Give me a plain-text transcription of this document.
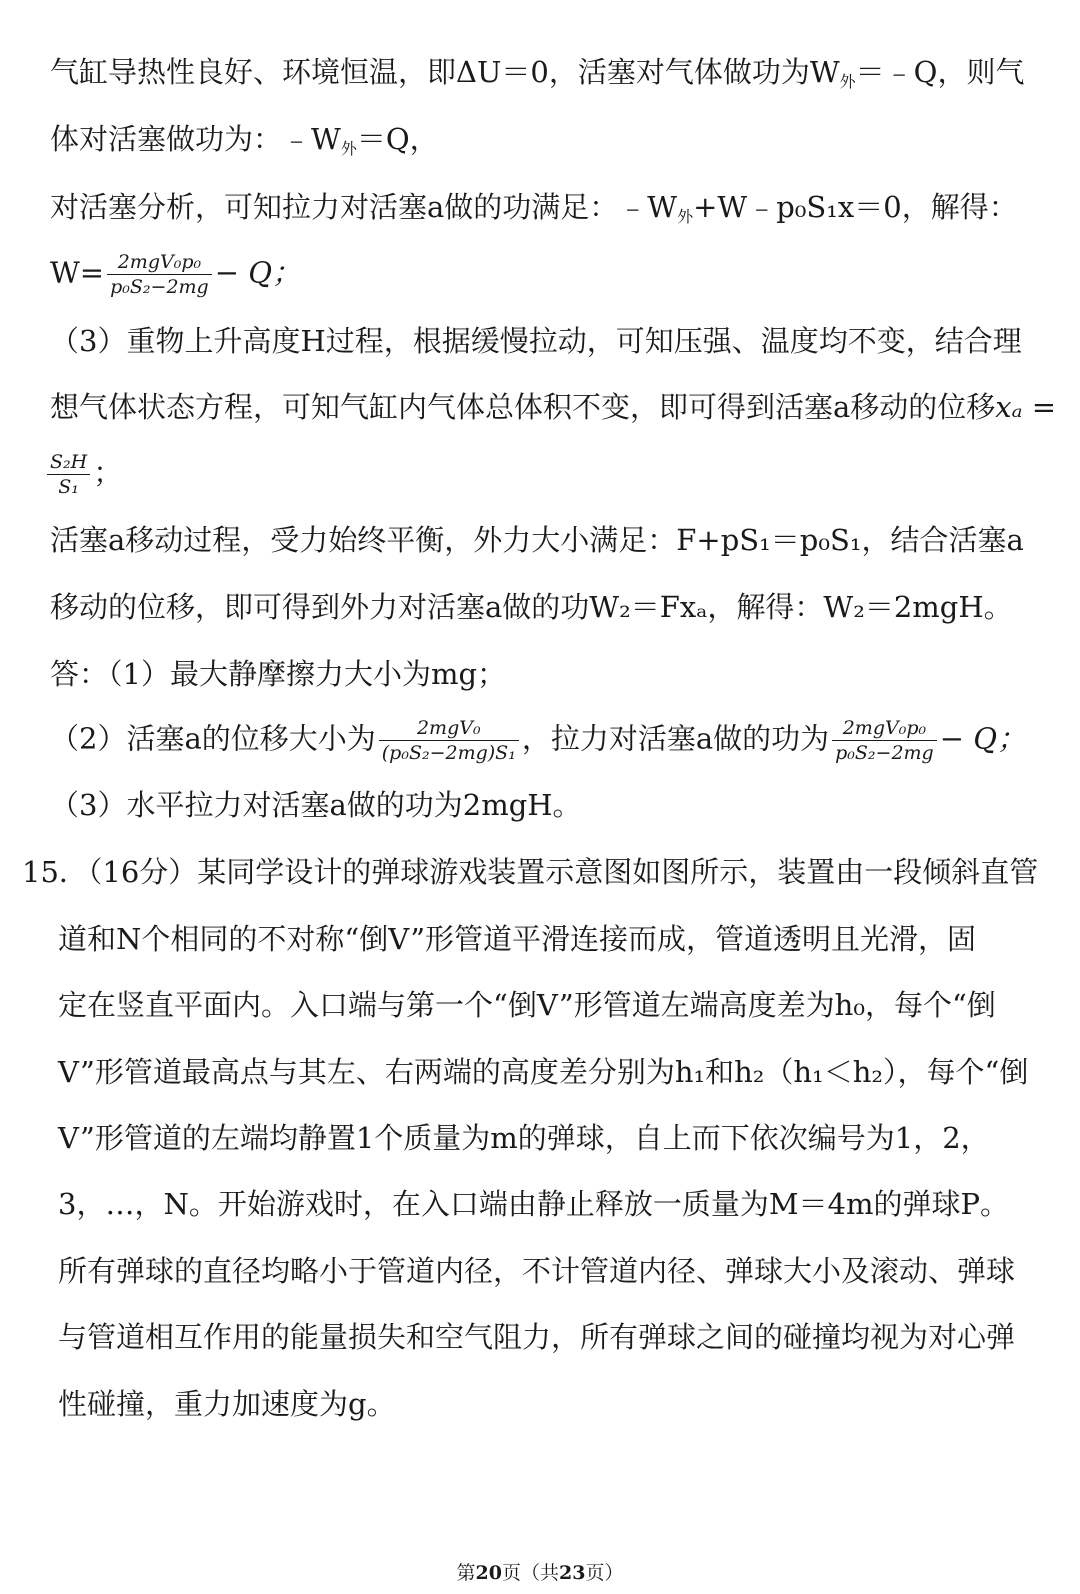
气缸导热性良好、环境恒温，即ΔU＝0，活塞对气体做功为W外＝﹣Q，则气
体对活塞做功为：﹣W外＝Q，
对活塞分析，可知拉力对活塞a做的功满足：﹣W外+W﹣p₀S₁x＝0，解得：
$W= \frac{\text{2mgV₀p₀}}{\text{p₀S₂−2mg}} - Q$；
（3）重物上升高度H过程，根据缓慢拉动，可知压强、温度均不变，结合理
想气体状态方程，可知气缸内气体总体积不变，即可得到活塞a移动的位移xₐ =
$\frac{\text{S₂H}}{\text{S₁}}$ ；
活塞a移动过程，受力始终平衡，外力大小满足：F+pS₁＝p₀S₁，结合活塞a
移动的位移，即可得到外力对活塞a做的功W₂＝Fxₐ，解得：W₂＝2mgH。
答：（1）最大静摩擦力大小为mg；
（2）活塞a的位移大小为 $\frac{\text{2mgV₀}}{\text{(p₀S₂−2mg)S₁}}$ ，拉力对活塞a做的功为 $\frac{\text{2mgV₀p₀}}{\text{p₀S₂−2mg}} - Q$；
（3）水平拉力对活塞a做的功为2mgH。
15．（16分）某同学设计的弹球游戏装置示意图如图所示，装置由一段倾斜直管
道和N个相同的不对称“倒V”形管道平滑连接而成，管道透明且光滑，固
定在竖直平面内。入口端与第一个“倒V”形管道左端高度差为h₀，每个“倒
V”形管道最高点与其左、右两端的高度差分别为h₁和h₂（h₁＜h₂），每个“倒
V”形管道的左端均静置1个质量为m的弹球，自上而下依次编号为1，2，
3，…，N。开始游戏时，在入口端由静止释放一质量为M＝4m的弹球P。
所有弹球的直径均略小于管道内径，不计管道内径、弹球大小及滚动、弹球
与管道相互作用的能量损失和空气阻力，所有弹球之间的碰撞均视为对心弹
性碰撞，重力加速度为g。
第20页（共23页）
